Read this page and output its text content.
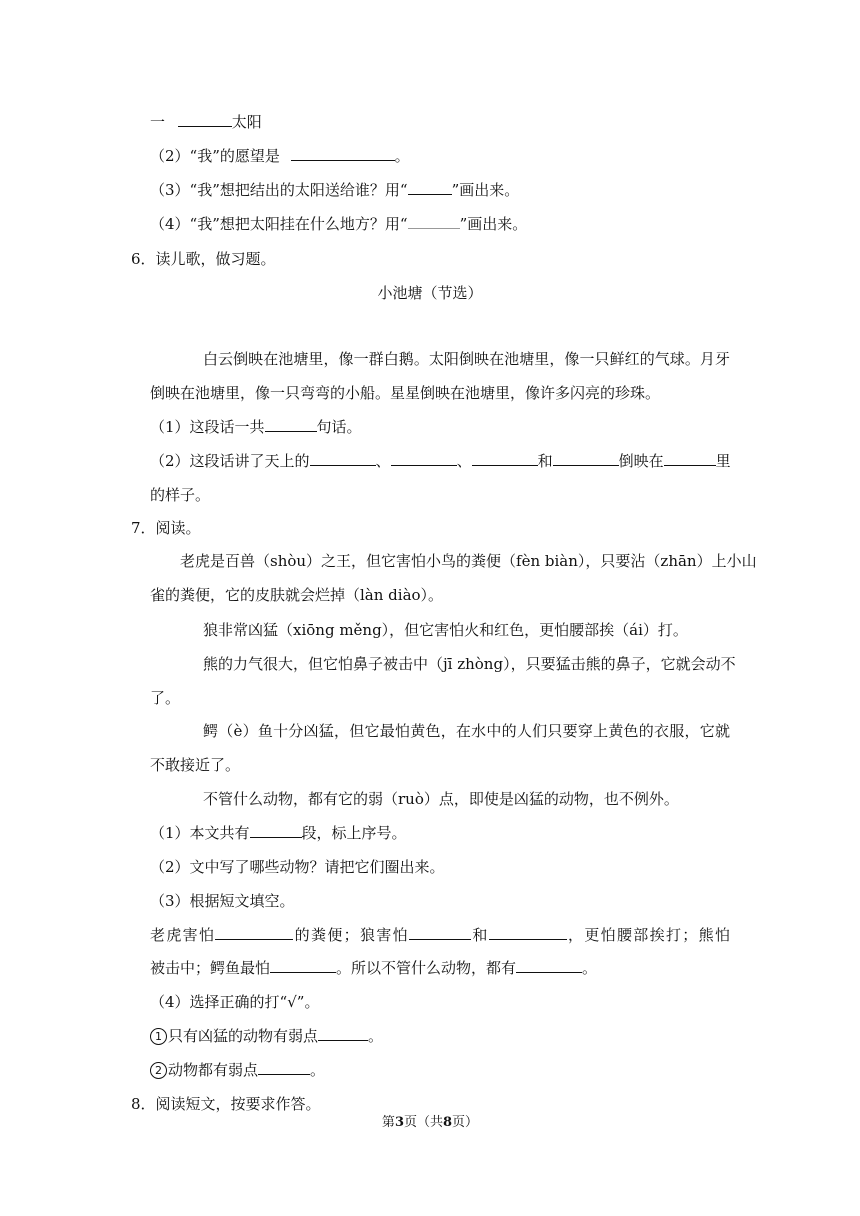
一	太阳
（2）“我”的愿望是	。
（3）“我”想把结出的太阳送给谁？用“	”画出来。
（4）“我”想把太阳挂在什么地方？用“	”画出来。
6．读儿歌，做习题。
小池塘（节选）
白云倒映在池塘里，像一群白鹅。太阳倒映在池塘里，像一只鲜红的气球。月牙
倒映在池塘里，像一只弯弯的小船。星星倒映在池塘里，像许多闪亮的珍珠。
（1）这段话一共	句话。
（2）这段话讲了天上的	、	、	和	倒映在	里
的样子。
7．阅读。
老虎是百兽（shòu）之王，但它害怕小鸟的粪便（fèn biàn），只要沾（zhān）上小山
雀的粪便，它的皮肤就会烂掉（làn diào）。
狼非常凶猛（xiōng měng），但它害怕火和红色，更怕腰部挨（ái）打。
熊的力气很大，但它怕鼻子被击中（jī zhòng），只要猛击熊的鼻子，它就会动不
了。
鳄（è）鱼十分凶猛，但它最怕黄色，在水中的人们只要穿上黄色的衣服，它就
不敢接近了。
不管什么动物，都有它的弱（ruò）点，即使是凶猛的动物，也不例外。
（1）本文共有	段，标上序号。
（2）文中写了哪些动物？请把它们圈出来。
（3）根据短文填空。
老虎害怕	的粪便；狼害怕	和	，更怕腰部挨打；熊怕
被击中；鳄鱼最怕	。所以不管什么动物，都有	。
（4）选择正确的打“√”。
1 只有凶猛的动物有弱点	。
2 动物都有弱点	。
8．阅读短文，按要求作答。
第3页（共8页）
